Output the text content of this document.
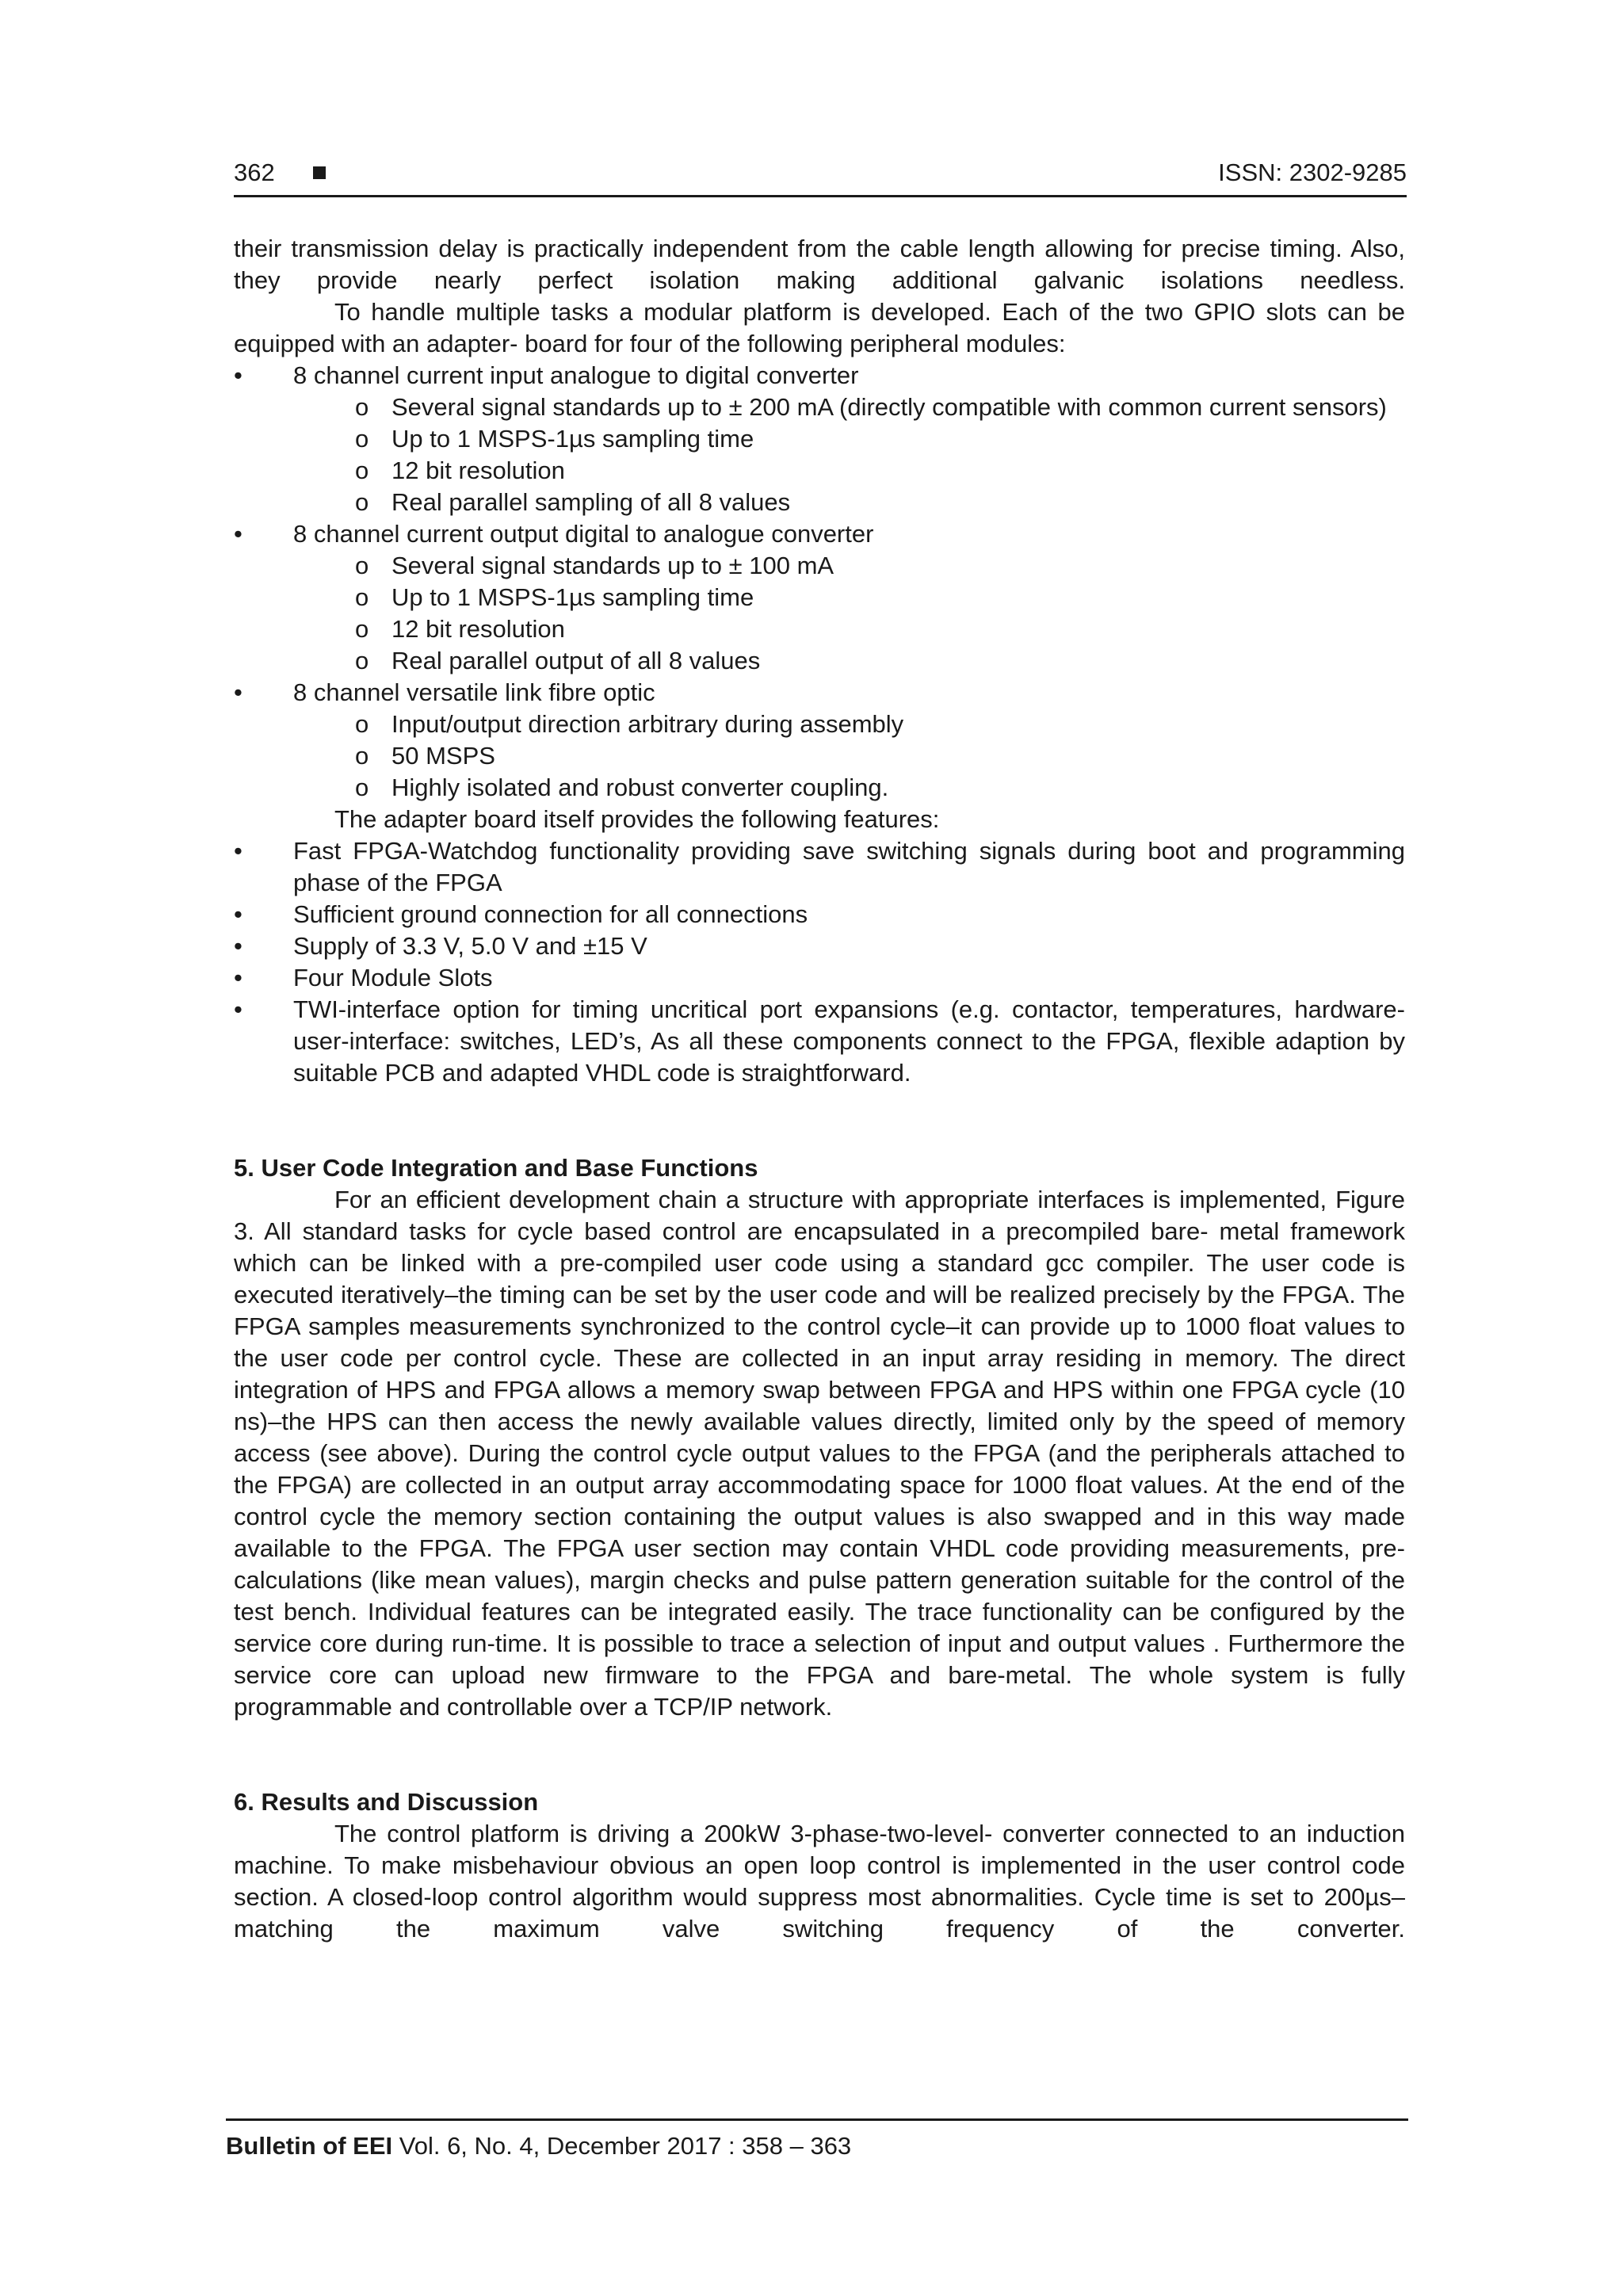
362	ISSN: 2302-9285

their transmission delay is practically independent from the cable length allowing for precise timing. Also, they provide nearly perfect isolation making additional galvanic isolations needless.

To handle multiple tasks a modular platform is developed. Each of the two GPIO slots can be equipped with an adapter- board for four of the following peripheral modules:

• 8 channel current input analogue to digital converter
o Several signal standards up to ± 200 mA (directly compatible with common current sensors)
o Up to 1 MSPS-1µs sampling time
o 12 bit resolution
o Real parallel sampling of all 8 values
• 8 channel current output digital to analogue converter
o Several signal standards up to ± 100 mA
o Up to 1 MSPS-1µs sampling time
o 12 bit resolution
o Real parallel output of all 8 values
• 8 channel versatile link fibre optic
o Input/output direction arbitrary during assembly
o 50 MSPS
o Highly isolated and robust converter coupling.

The adapter board itself provides the following features:

• Fast FPGA-Watchdog functionality providing save switching signals during boot and programming phase of the FPGA
• Sufficient ground connection for all connections
• Supply of 3.3 V, 5.0 V and ±15 V
• Four Module Slots
• TWI-interface option for timing uncritical port expansions (e.g. contactor, temperatures, hardware-user-interface: switches, LED’s, As all these components connect to the FPGA, flexible adaption by suitable PCB and adapted VHDL code is straightforward.

5. User Code Integration and Base Functions

For an efficient development chain a structure with appropriate interfaces is implemented, Figure 3. All standard tasks for cycle based control are encapsulated in a precompiled bare- metal framework which can be linked with a pre-compiled user code using a standard gcc compiler. The user code is executed iteratively–the timing can be set by the user code and will be realized precisely by the FPGA. The FPGA samples measurements synchronized to the control cycle–it can provide up to 1000 float values to the user code per control cycle. These are collected in an input array residing in memory. The direct integration of HPS and FPGA allows a memory swap between FPGA and HPS within one FPGA cycle (10 ns)–the HPS can then access the newly available values directly, limited only by the speed of memory access (see above). During the control cycle output values to the FPGA (and the peripherals attached to the FPGA) are collected in an output array accommodating space for 1000 float values. At the end of the control cycle the memory section containing the output values is also swapped and in this way made available to the FPGA. The FPGA user section may contain VHDL code providing measurements, pre- calculations (like mean values), margin checks and pulse pattern generation suitable for the control of the test bench. Individual features can be integrated easily. The trace functionality can be configured by the service core during run-time. It is possible to trace a selection of input and output values . Furthermore the service core can upload new firmware to the FPGA and bare-metal. The whole system is fully programmable and controllable over a TCP/IP network.

6. Results and Discussion

The control platform is driving a 200kW 3-phase-two-level- converter connected to an induction machine. To make misbehaviour obvious an open loop control is implemented in the user control code section. A closed-loop control algorithm would suppress most abnormalities. Cycle time is set to 200µs–matching the maximum valve switching frequency of the converter.

Bulletin of EEI Vol. 6, No. 4, December 2017 : 358 – 363
